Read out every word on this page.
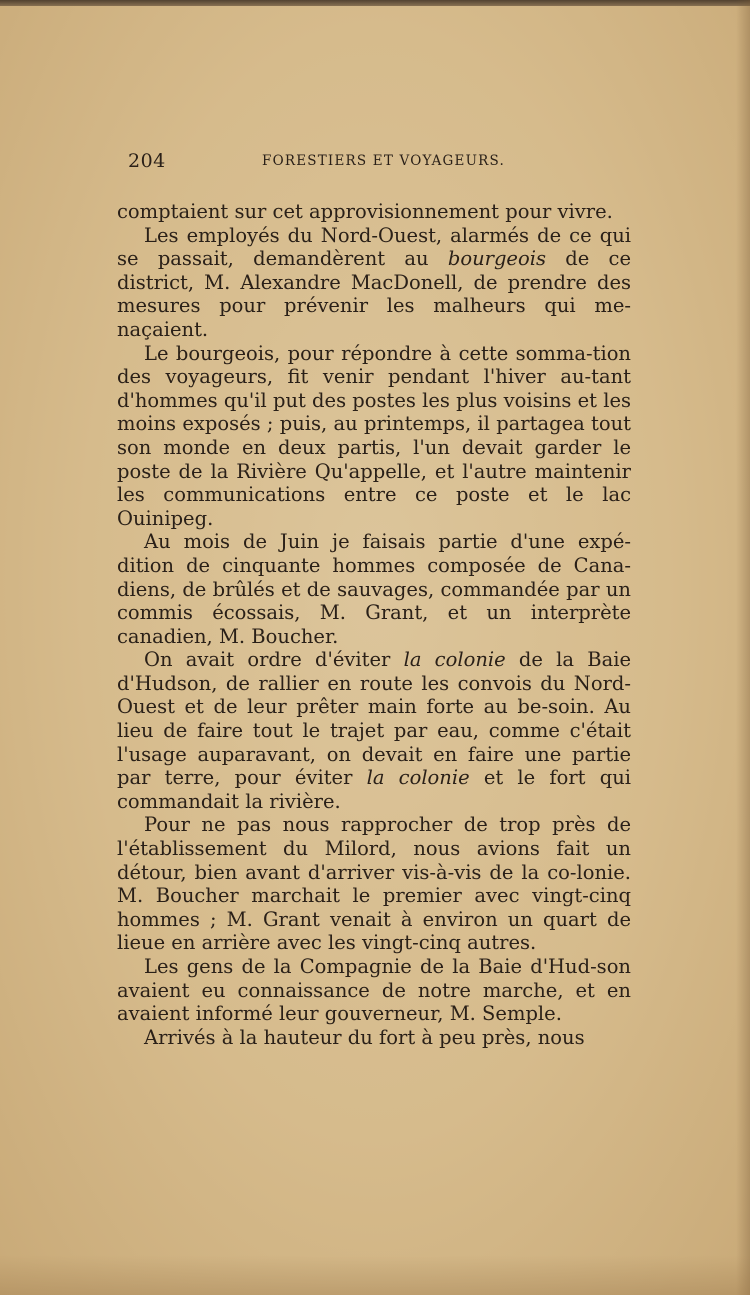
204	FORESTIERS ET VOYAGEURS.

comptaient sur cet approvisionnement pour vivre.

Les employés du Nord-Ouest, alarmés de ce qui se passait, demandèrent au bourgeois de ce district, M. Alexandre MacDonell, de prendre des mesures pour prévenir les malheurs qui me-naçaient.

Le bourgeois, pour répondre à cette somma-tion des voyageurs, fit venir pendant l'hiver au-tant d'hommes qu'il put des postes les plus voisins et les moins exposés ; puis, au printemps, il partagea tout son monde en deux partis, l'un devait garder le poste de la Rivière Qu'appelle, et l'autre maintenir les communications entre ce poste et le lac Ouinipeg.

Au mois de Juin je faisais partie d'une expé-dition de cinquante hommes composée de Cana-diens, de brûlés et de sauvages, commandée par un commis écossais, M. Grant, et un interprète canadien, M. Boucher.

On avait ordre d'éviter la colonie de la Baie d'Hudson, de rallier en route les convois du Nord-Ouest et de leur prêter main forte au be-soin. Au lieu de faire tout le trajet par eau, comme c'était l'usage auparavant, on devait en faire une partie par terre, pour éviter la colonie et le fort qui commandait la rivière.

Pour ne pas nous rapprocher de trop près de l'établissement du Milord, nous avions fait un détour, bien avant d'arriver vis-à-vis de la co-lonie. M. Boucher marchait le premier avec vingt-cinq hommes ; M. Grant venait à environ un quart de lieue en arrière avec les vingt-cinq autres.

Les gens de la Compagnie de la Baie d'Hud-son avaient eu connaissance de notre marche, et en avaient informé leur gouverneur, M. Semple.

Arrivés à la hauteur du fort à peu près, nous
